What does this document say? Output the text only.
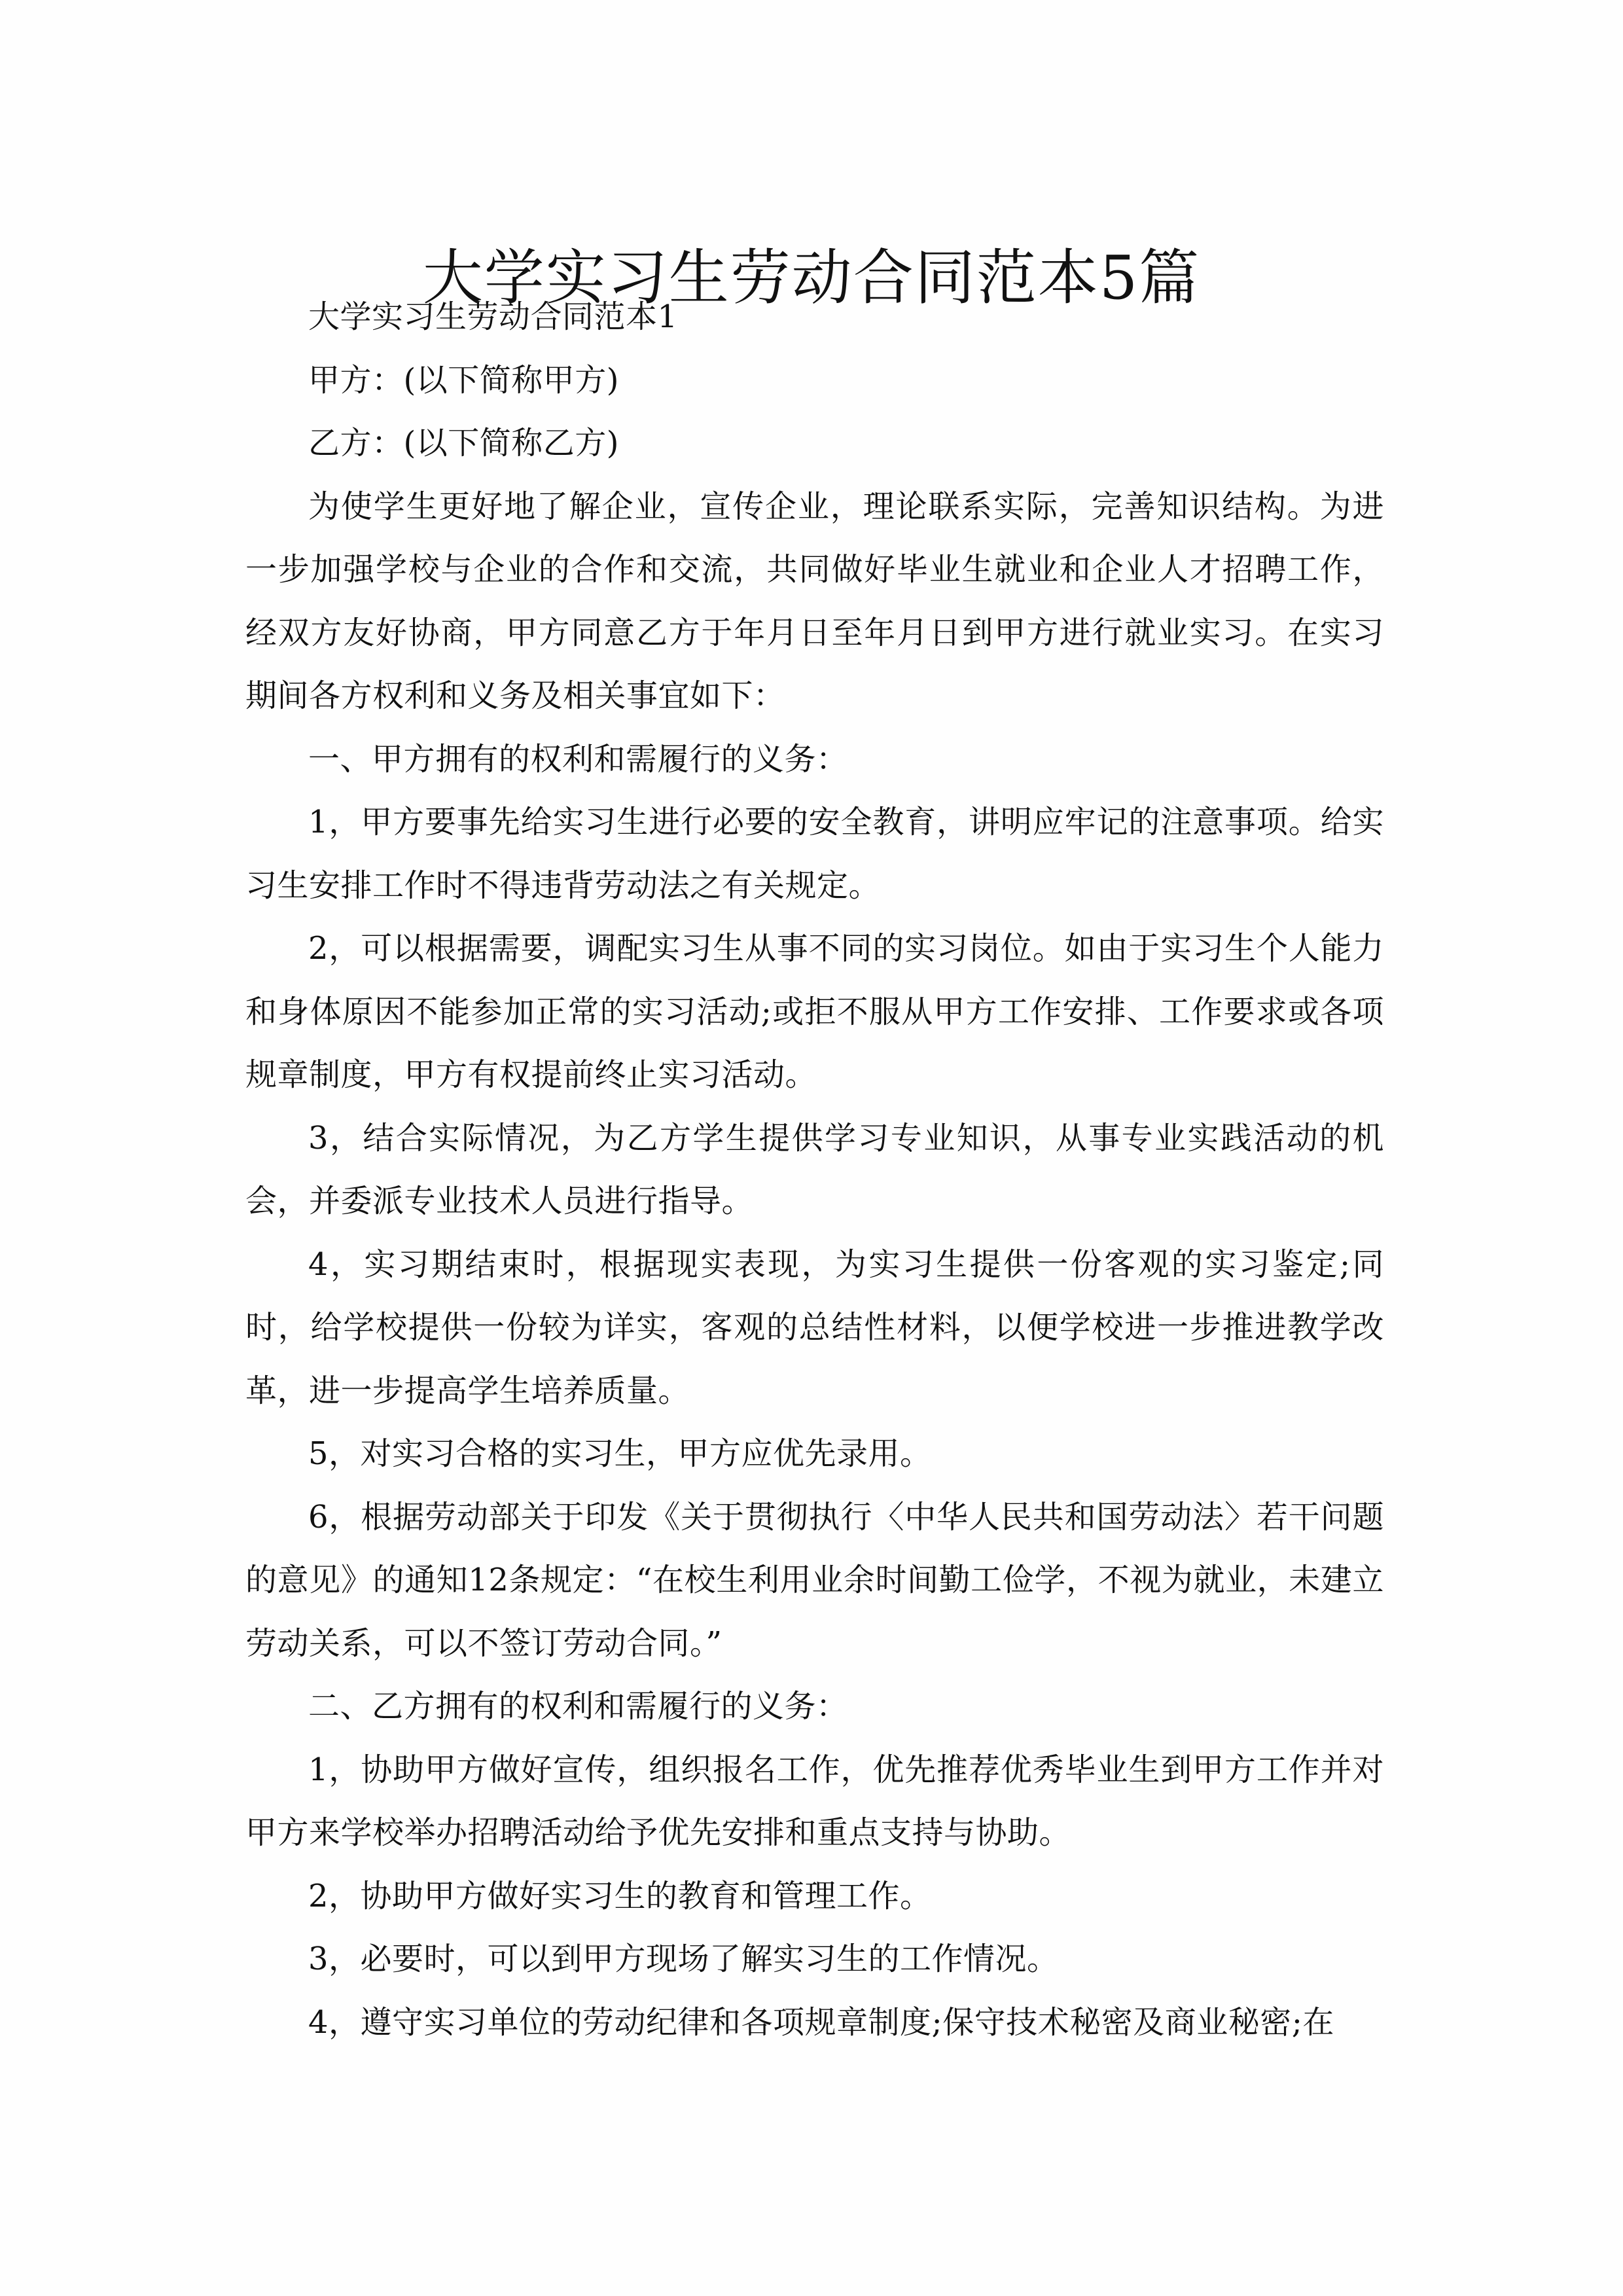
大学实习生劳动合同范本5篇

大学实习生劳动合同范本1

甲方：(以下简称甲方)

乙方：(以下简称乙方)

为使学生更好地了解企业，宣传企业，理论联系实际，完善知识结构。为进一步加强学校与企业的合作和交流，共同做好毕业生就业和企业人才招聘工作，经双方友好协商，甲方同意乙方于年月日至年月日到甲方进行就业实习。在实习期间各方权利和义务及相关事宜如下：

一、甲方拥有的权利和需履行的义务：

1，甲方要事先给实习生进行必要的安全教育，讲明应牢记的注意事项。给实习生安排工作时不得违背劳动法之有关规定。

2，可以根据需要，调配实习生从事不同的实习岗位。如由于实习生个人能力和身体原因不能参加正常的实习活动;或拒不服从甲方工作安排、工作要求或各项规章制度，甲方有权提前终止实习活动。

3，结合实际情况，为乙方学生提供学习专业知识，从事专业实践活动的机会，并委派专业技术人员进行指导。

4，实习期结束时，根据现实表现，为实习生提供一份客观的实习鉴定;同时，给学校提供一份较为详实，客观的总结性材料，以便学校进一步推进教学改革，进一步提高学生培养质量。

5，对实习合格的实习生，甲方应优先录用。

6，根据劳动部关于印发《关于贯彻执行〈中华人民共和国劳动法〉若干问题的意见》的通知12条规定：“在校生利用业余时间勤工俭学，不视为就业，未建立劳动关系，可以不签订劳动合同。”

二、乙方拥有的权利和需履行的义务：

1，协助甲方做好宣传，组织报名工作，优先推荐优秀毕业生到甲方工作并对甲方来学校举办招聘活动给予优先安排和重点支持与协助。

2，协助甲方做好实习生的教育和管理工作。

3，必要时，可以到甲方现场了解实习生的工作情况。

4，遵守实习单位的劳动纪律和各项规章制度;保守技术秘密及商业秘密;在
